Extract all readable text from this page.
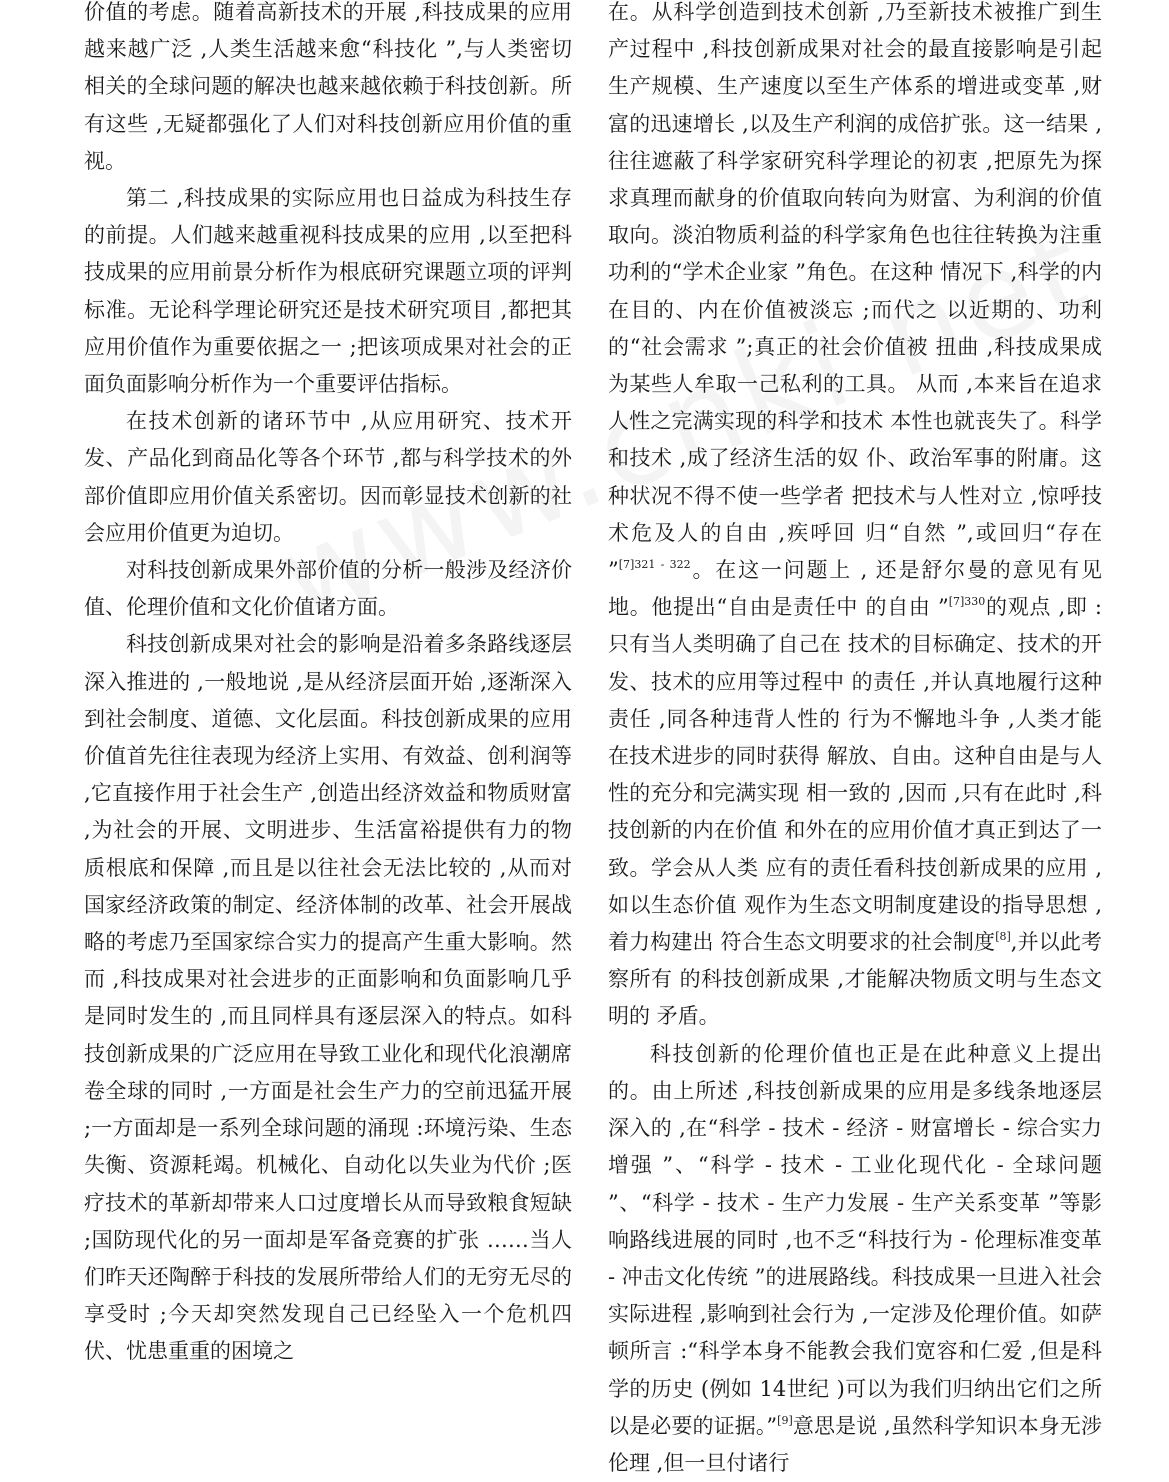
价值的考虑。随着高新技术的开展 ,科技成果的应用越来越广泛 ,人类生活越来愈“科技化 ”,与人类密切相关的全球问题的解决也越来越依赖于科技创新。所有这些 ,无疑都强化了人们对科技创新应用价值的重视。

第二 ,科技成果的实际应用也日益成为科技生存的前提。人们越来越重视科技成果的应用 ,以至把科技成果的应用前景分析作为根底研究课题立项的评判标准。无论科学理论研究还是技术研究项目 ,都把其应用价值作为重要依据之一 ;把该项成果对社会的正面负面影响分析作为一个重要评估指标。

在技术创新的诸环节中 ,从应用研究、技术开发、产品化到商品化等各个环节 ,都与科学技术的外部价值即应用价值关系密切。因而彰显技术创新的社会应用价值更为迫切。

对科技创新成果外部价值的分析一般涉及经济价值、伦理价值和文化价值诸方面。

科技创新成果对社会的影响是沿着多条路线逐层深入推进的 ,一般地说 ,是从经济层面开始 ,逐渐深入到社会制度、道德、文化层面。科技创新成果的应用价值首先往往表现为经济上实用、有效益、创利润等 ,它直接作用于社会生产 ,创造出经济效益和物质财富 ,为社会的开展、文明进步、生活富裕提供有力的物质根底和保障 ,而且是以往社会无法比较的 ,从而对国家经济政策的制定、经济体制的改革、社会开展战略的考虑乃至国家综合实力的提高产生重大影响。然而 ,科技成果对社会进步的正面影响和负面影响几乎是同时发生的 ,而且同样具有逐层深入的特点。如科技创新成果的广泛应用在导致工业化和现代化浪潮席卷全球的同时 ,一方面是社会生产力的空前迅猛开展 ;一方面却是一系列全球问题的涌现 :环境污染、生态失衡、资源耗竭。机械化、自动化以失业为代价 ;医疗技术的革新却带来人口过度增长从而导致粮食短缺 ;国防现代化的另一面却是军备竞赛的扩张 ……当人们昨天还陶醉于科技的发展所带给人们的无穷无尽的享受时 ;今天却突然发现自己已经坠入一个危机四伏、忧患重重的困境之

在。从科学创造到技术创新 ,乃至新技术被推广到生产过程中 ,科技创新成果对社会的最直接影响是引起生产规模、生产速度以至生产体系的增进或变革 ,财富的迅速增长 ,以及生产利润的成倍扩张。这一结果 ,往往遮蔽了科学家研究科学理论的初衷 ,把原先为探求真理而献身的价值取向转向为财富、为利润的价值取向。淡泊物质利益的科学家角色也往往转换为注重功利的“学术企业家 ”角色。在这种 情况下 ,科学的内在目的、内在价值被淡忘 ;而代之 以近期的、功利的“社会需求 ”;真正的社会价值被 扭曲 ,科技成果成为某些人牟取一己私利的工具。 从而 ,本来旨在追求人性之完满实现的科学和技术 本性也就丧失了。科学和技术 ,成了经济生活的奴 仆、政治军事的附庸。这种状况不得不使一些学者 把技术与人性对立 ,惊呼技术危及人的自由 ,疾呼回 归“自然 ”,或回归“存在 ”$^{[7]321 - 322}$。在这一问题上 , 还是舒尔曼的意见有见地。他提出“自由是责任中 的自由 ”$^{[7]330}$的观点 ,即 :只有当人类明确了自己在 技术的目标确定、技术的开发、技术的应用等过程中 的责任 ,并认真地履行这种责任 ,同各种违背人性的 行为不懈地斗争 ,人类才能在技术进步的同时获得 解放、自由。这种自由是与人性的充分和完满实现 相一致的 ,因而 ,只有在此时 ,科技创新的内在价值 和外在的应用价值才真正到达了一致。学会从人类 应有的责任看科技创新成果的应用 ,如以生态价值 观作为生态文明制度建设的指导思想 ,着力构建出 符合生态文明要求的社会制度[8],并以此考察所有 的科技创新成果 ,才能解决物质文明与生态文明的 矛盾。

科技创新的伦理价值也正是在此种意义上提出的。由上所述 ,科技创新成果的应用是多线条地逐层深入的 ,在“科学 - 技术 - 经济 - 财富增长 - 综合实力增强 ”、“科学 - 技术 - 工业化现代化 - 全球问题 ”、“科学 - 技术 - 生产力发展 - 生产关系变革 ”等影响路线进展的同时 ,也不乏“科技行为 - 伦理标准变革 - 冲击文化传统 ”的进展路线。科技成果一旦进入社会实际进程 ,影响到社会行为 ,一定涉及伦理价值。如萨顿所言 :“科学本身不能教会我们宽容和仁爱 ,但是科学的历史 (例如 14世纪 )可以为我们归纳出它们之所以是必要的证据。”[9]意思是说 ,虽然科学知识本身无涉伦理 ,但一旦付诸行
